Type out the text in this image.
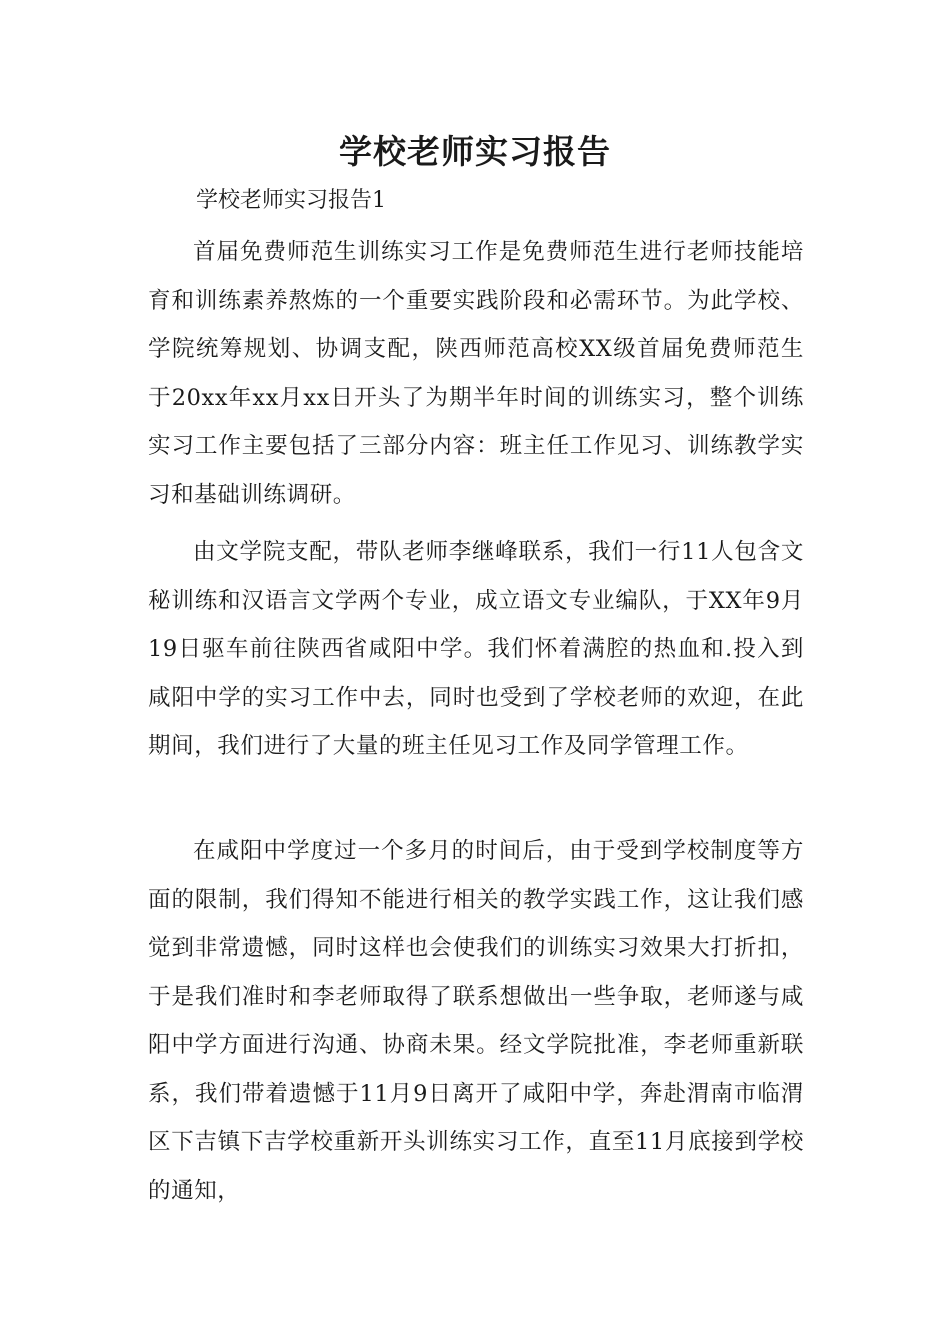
学校老师实习报告

学校老师实习报告1

首届免费师范生训练实习工作是免费师范生进行老师技能培育和训练素养熬炼的一个重要实践阶段和必需环节。为此学校、学院统筹规划、协调支配，陕西师范高校XX级首届免费师范生于20xx年xx月xx日开头了为期半年时间的训练实习，整个训练实习工作主要包括了三部分内容：班主任工作见习、训练教学实习和基础训练调研。

由文学院支配，带队老师李继峰联系，我们一行11人包含文秘训练和汉语言文学两个专业，成立语文专业编队，于XX年9月19日驱车前往陕西省咸阳中学。我们怀着满腔的热血和.投入到咸阳中学的实习工作中去，同时也受到了学校老师的欢迎，在此期间，我们进行了大量的班主任见习工作及同学管理工作。

在咸阳中学度过一个多月的时间后，由于受到学校制度等方面的限制，我们得知不能进行相关的教学实践工作，这让我们感觉到非常遗憾，同时这样也会使我们的训练实习效果大打折扣，于是我们准时和李老师取得了联系想做出一些争取，老师遂与咸阳中学方面进行沟通、协商未果。经文学院批准，李老师重新联系，我们带着遗憾于11月9日离开了咸阳中学，奔赴渭南市临渭区下吉镇下吉学校重新开头训练实习工作，直至11月底接到学校的通知，
